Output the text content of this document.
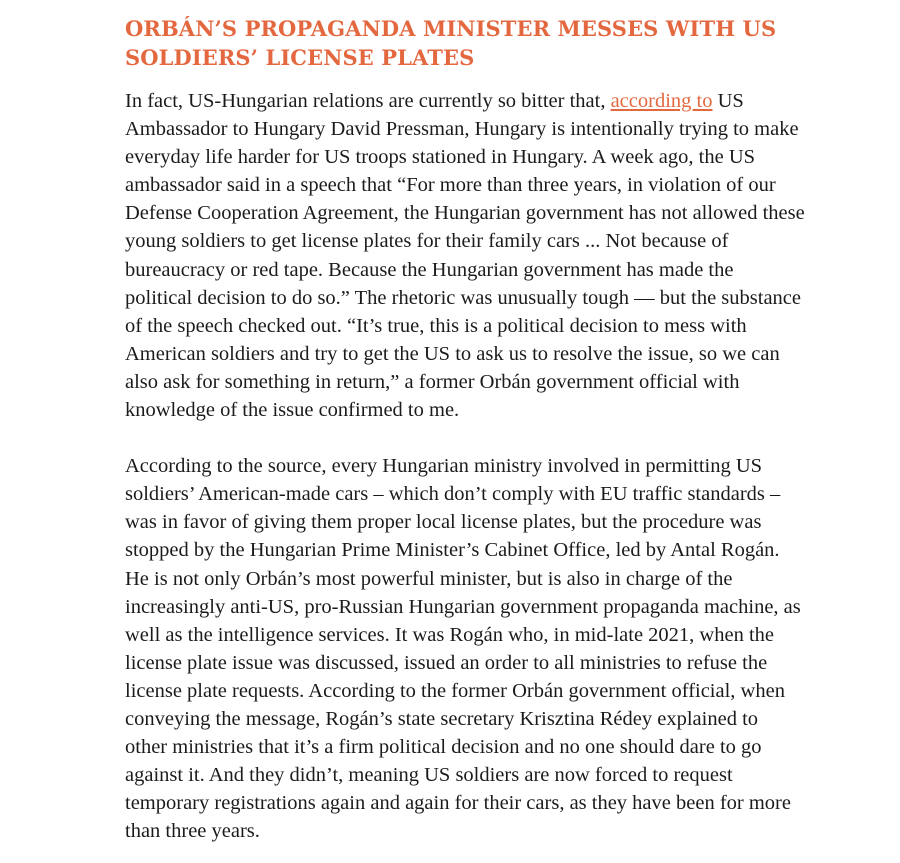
ORBÁN’S PROPAGANDA MINISTER MESSES WITH US SOLDIERS’ LICENSE PLATES

In fact, US-Hungarian relations are currently so bitter that, according to US Ambassador to Hungary David Pressman, Hungary is intentionally trying to make everyday life harder for US troops stationed in Hungary. A week ago, the US ambassador said in a speech that “For more than three years, in violation of our Defense Cooperation Agreement, the Hungarian government has not allowed these young soldiers to get license plates for their family cars ... Not because of bureaucracy or red tape. Because the Hungarian government has made the political decision to do so.” The rhetoric was unusually tough — but the substance of the speech checked out. “It’s true, this is a political decision to mess with American soldiers and try to get the US to ask us to resolve the issue, so we can also ask for something in return,” a former Orbán government official with knowledge of the issue confirmed to me.

According to the source, every Hungarian ministry involved in permitting US soldiers’ American-made cars – which don’t comply with EU traffic standards – was in favor of giving them proper local license plates, but the procedure was stopped by the Hungarian Prime Minister’s Cabinet Office, led by Antal Rogán. He is not only Orbán’s most powerful minister, but is also in charge of the increasingly anti-US, pro-Russian Hungarian government propaganda machine, as well as the intelligence services. It was Rogán who, in mid-late 2021, when the license plate issue was discussed, issued an order to all ministries to refuse the license plate requests. According to the former Orbán government official, when conveying the message, Rogán’s state secretary Krisztina Rédey explained to other ministries that it’s a firm political decision and no one should dare to go against it. And they didn’t, meaning US soldiers are now forced to request temporary registrations again and again for their cars, as they have been for more than three years.
